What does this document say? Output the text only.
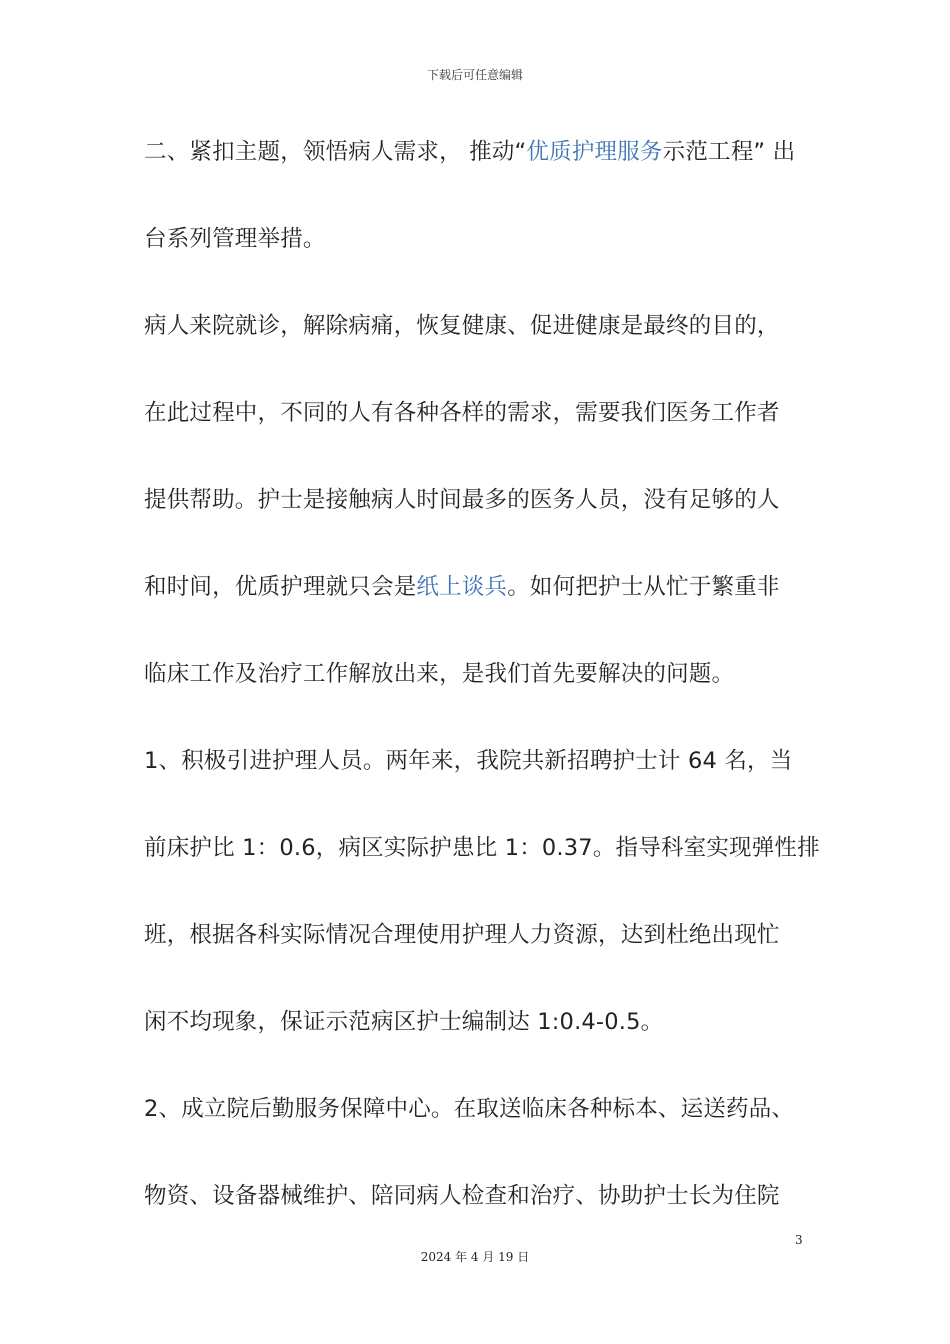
下载后可任意编辑
二、紧扣主题，领悟病人需求， 推动“优质护理服务示范工程” 出
台系列管理举措。
病人来院就诊，解除病痛，恢复健康、促进健康是最终的目的，
在此过程中，不同的人有各种各样的需求，需要我们医务工作者
提供帮助。护士是接触病人时间最多的医务人员，没有足够的人
和时间，优质护理就只会是纸上谈兵。如何把护士从忙于繁重非
临床工作及治疗工作解放出来，是我们首先要解决的问题。
1、积极引进护理人员。两年来，我院共新招聘护士计 64 名，当
前床护比 1：0.6，病区实际护患比 1：0.37。指导科室实现弹性排
班，根据各科实际情况合理使用护理人力资源，达到杜绝出现忙
闲不均现象，保证示范病区护士编制达 1:0.4-0.5。
2、成立院后勤服务保障中心。在取送临床各种标本、运送药品、
物资、设备器械维护、陪同病人检查和治疗、协助护士长为住院
3
2024 年 4 月 19 日
